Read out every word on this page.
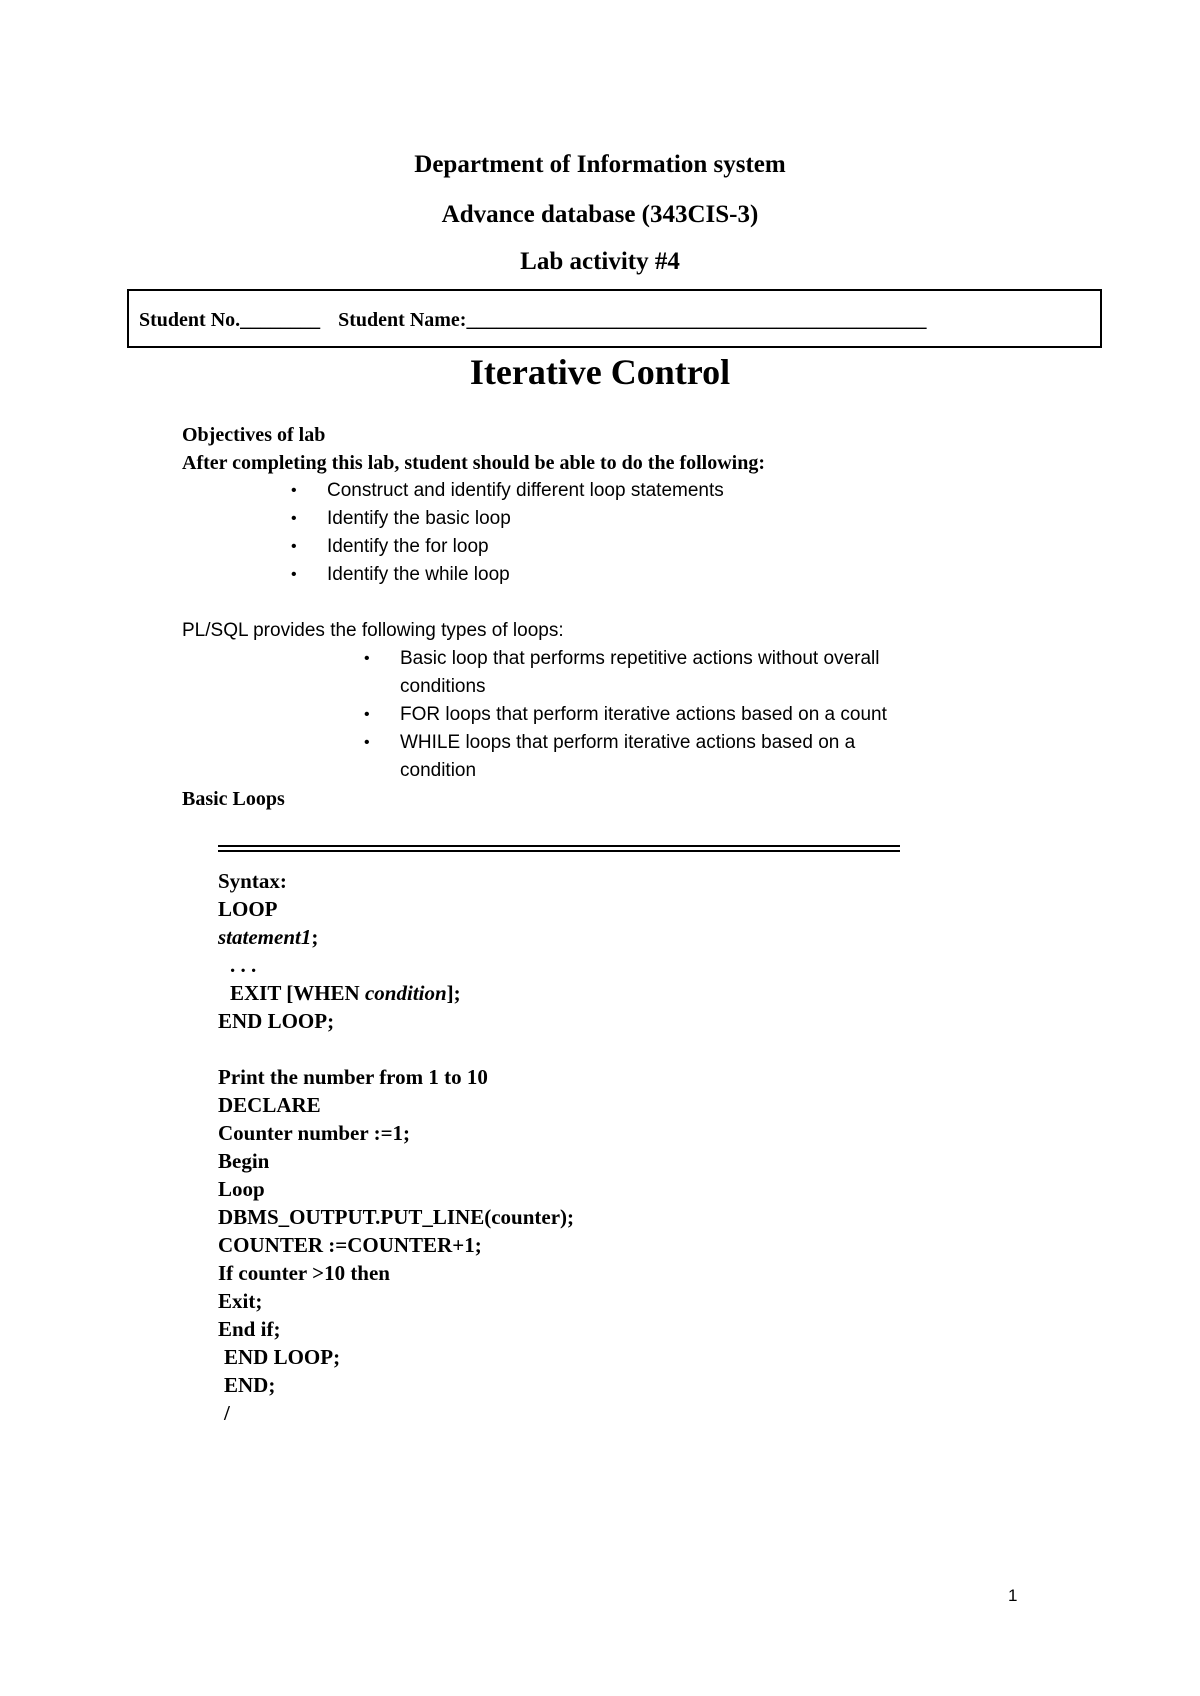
Department of Information system
Advance database (343CIS-3)
Lab activity #4
Student No.________ Student Name:______________________________________________
Iterative Control
Objectives of lab
After completing this lab, student should be able to do the following:
• Construct and identify different loop statements
• Identify the basic loop
• Identify the for loop
• Identify the while loop
PL/SQL provides the following types of loops:
• Basic loop that performs repetitive actions without overall
conditions
• FOR loops that perform iterative actions based on a count
• WHILE loops that perform iterative actions based on a
condition
Basic Loops
Syntax:
LOOP
statement1;
. . .
EXIT [WHEN condition];
END LOOP;
Print the number from 1 to 10
DECLARE
Counter number :=1;
Begin
Loop
DBMS_OUTPUT.PUT_LINE(counter);
COUNTER :=COUNTER+1;
If counter >10 then
Exit;
End if;
END LOOP;
END;
/
1
